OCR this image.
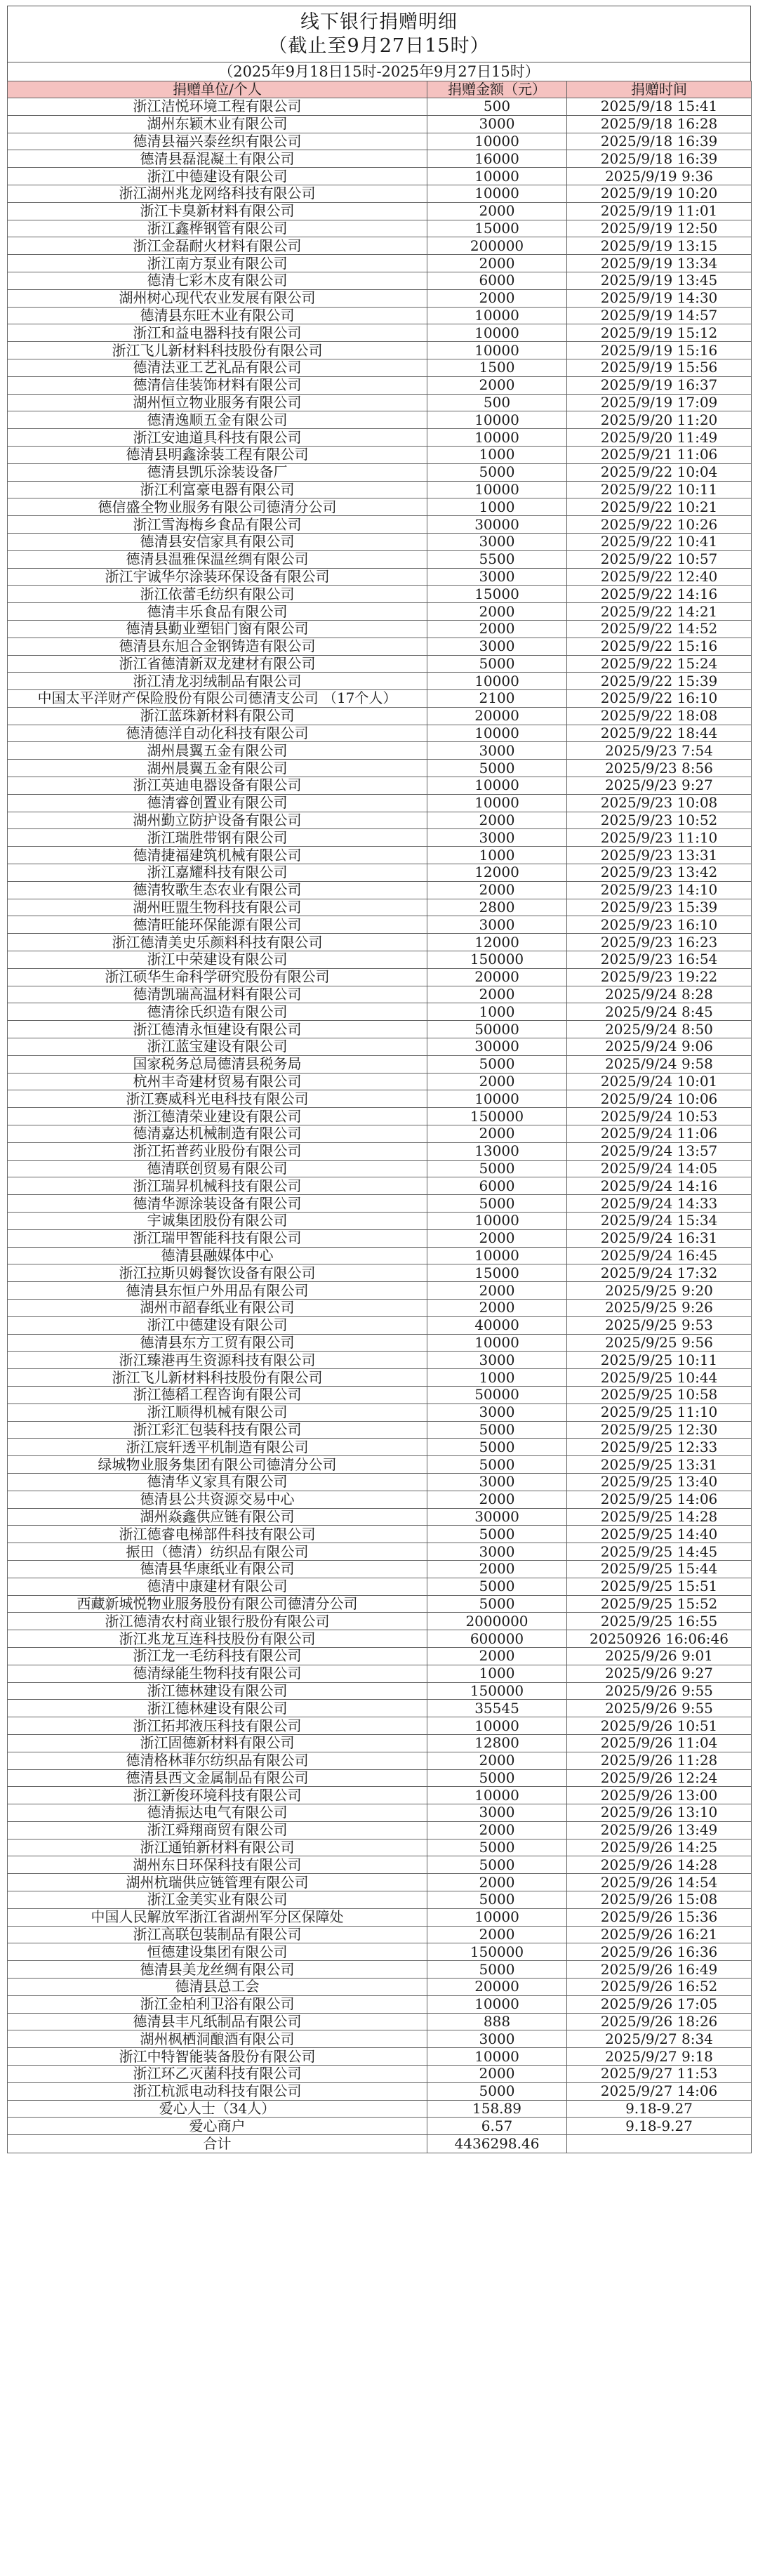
线下银行捐赠明细
（截止至9月27日15时）
（2025年9月18日15时-2025年9月27日15时）
捐赠单位/个人	捐赠金额（元）	捐赠时间
浙江洁悦环境工程有限公司	500	2025/9/18 15:41
湖州东颖木业有限公司	3000	2025/9/18 16:28
德清县福兴泰丝织有限公司	10000	2025/9/18 16:39
德清县磊混凝土有限公司	16000	2025/9/18 16:39
浙江中德建设有限公司	10000	2025/9/19 9:36
浙江湖州兆龙网络科技有限公司	10000	2025/9/19 10:20
浙江卡臭新材料有限公司	2000	2025/9/19 11:01
浙江鑫桦钢管有限公司	15000	2025/9/19 12:50
浙江金磊耐火材料有限公司	200000	2025/9/19 13:15
浙江南方泵业有限公司	2000	2025/9/19 13:34
德清七彩木皮有限公司	6000	2025/9/19 13:45
湖州树心现代农业发展有限公司	2000	2025/9/19 14:30
德清县东旺木业有限公司	10000	2025/9/19 14:57
浙江和益电器科技有限公司	10000	2025/9/19 15:12
浙江飞儿新材料科技股份有限公司	10000	2025/9/19 15:16
德清法亚工艺礼品有限公司	1500	2025/9/19 15:56
德清信佳装饰材料有限公司	2000	2025/9/19 16:37
湖州恒立物业服务有限公司	500	2025/9/19 17:09
德清逸顺五金有限公司	10000	2025/9/20 11:20
浙江安迪道具科技有限公司	10000	2025/9/20 11:49
德清县明鑫涂装工程有限公司	1000	2025/9/21 11:06
德清县凯乐涂装设备厂	5000	2025/9/22 10:04
浙江利富豪电器有限公司	10000	2025/9/22 10:11
德信盛全物业服务有限公司德清分公司	1000	2025/9/22 10:21
浙江雪海梅乡食品有限公司	30000	2025/9/22 10:26
德清县安信家具有限公司	3000	2025/9/22 10:41
德清县温雅保温丝绸有限公司	5500	2025/9/22 10:57
浙江宇诚华尔涂装环保设备有限公司	3000	2025/9/22 12:40
浙江依蕾毛纺织有限公司	15000	2025/9/22 14:16
德清丰乐食品有限公司	2000	2025/9/22 14:21
德清县勤业塑铝门窗有限公司	2000	2025/9/22 14:52
德清县东旭合金钢铸造有限公司	3000	2025/9/22 15:16
浙江省德清新双龙建材有限公司	5000	2025/9/22 15:24
浙江清龙羽绒制品有限公司	10000	2025/9/22 15:39
中国太平洋财产保险股份有限公司德清支公司 （17个人）	2100	2025/9/22 16:10
浙江蓝珠新材料有限公司	20000	2025/9/22 18:08
德清德洋自动化科技有限公司	10000	2025/9/22 18:44
湖州晨翼五金有限公司	3000	2025/9/23 7:54
湖州晨翼五金有限公司	5000	2025/9/23 8:56
浙江英迪电器设备有限公司	10000	2025/9/23 9:27
德清睿创置业有限公司	10000	2025/9/23 10:08
湖州勤立防护设备有限公司	2000	2025/9/23 10:52
浙江瑞胜带钢有限公司	3000	2025/9/23 11:10
德清捷福建筑机械有限公司	1000	2025/9/23 13:31
浙江嘉耀科技有限公司	12000	2025/9/23 13:42
德清牧歌生态农业有限公司	2000	2025/9/23 14:10
湖州旺盟生物科技有限公司	2800	2025/9/23 15:39
德清旺能环保能源有限公司	3000	2025/9/23 16:10
浙江德清美史乐颜料科技有限公司	12000	2025/9/23 16:23
浙江中荣建设有限公司	150000	2025/9/23 16:54
浙江硕华生命科学研究股份有限公司	20000	2025/9/23 19:22
德清凯瑞高温材料有限公司	2000	2025/9/24 8:28
德清徐氏织造有限公司	1000	2025/9/24 8:45
浙江德清永恒建设有限公司	50000	2025/9/24 8:50
浙江蓝宝建设有限公司	30000	2025/9/24 9:06
国家税务总局德清县税务局	5000	2025/9/24 9:58
杭州丰奇建材贸易有限公司	2000	2025/9/24 10:01
浙江赛威科光电科技有限公司	10000	2025/9/24 10:06
浙江德清荣业建设有限公司	150000	2025/9/24 10:53
德清嘉达机械制造有限公司	2000	2025/9/24 11:06
浙江拓普药业股份有限公司	13000	2025/9/24 13:57
德清联创贸易有限公司	5000	2025/9/24 14:05
浙江瑞昇机械科技有限公司	6000	2025/9/24 14:16
德清华源涂装设备有限公司	5000	2025/9/24 14:33
宇诚集团股份有限公司	10000	2025/9/24 15:34
浙江瑞甲智能科技有限公司	2000	2025/9/24 16:31
德清县融媒体中心	10000	2025/9/24 16:45
浙江拉斯贝姆餐饮设备有限公司	15000	2025/9/24 17:32
德清县东恒户外用品有限公司	2000	2025/9/25 9:20
湖州市韶春纸业有限公司	2000	2025/9/25 9:26
浙江中德建设有限公司	40000	2025/9/25 9:53
德清县东方工贸有限公司	10000	2025/9/25 9:56
浙江臻港再生资源科技有限公司	3000	2025/9/25 10:11
浙江飞儿新材料科技股份有限公司	1000	2025/9/25 10:44
浙江德稻工程咨询有限公司	50000	2025/9/25 10:58
浙江顺得机械有限公司	3000	2025/9/25 11:10
浙江彩汇包装科技有限公司	5000	2025/9/25 12:30
浙江宸轩透平机制造有限公司	5000	2025/9/25 12:33
绿城物业服务集团有限公司德清分公司	5000	2025/9/25 13:31
德清华义家具有限公司	3000	2025/9/25 13:40
德清县公共资源交易中心	2000	2025/9/25 14:06
湖州焱鑫供应链有限公司	30000	2025/9/25 14:28
浙江德睿电梯部件科技有限公司	5000	2025/9/25 14:40
振田（德清）纺织品有限公司	3000	2025/9/25 14:45
德清县华康纸业有限公司	2000	2025/9/25 15:44
德清中康建材有限公司	5000	2025/9/25 15:51
西藏新城悦物业服务股份有限公司德清分公司	5000	2025/9/25 15:52
浙江德清农村商业银行股份有限公司	2000000	2025/9/25 16:55
浙江兆龙互连科技股份有限公司	600000	20250926 16:06:46
浙江龙一毛纺科技有限公司	2000	2025/9/26 9:01
德清绿能生物科技有限公司	1000	2025/9/26 9:27
浙江德林建设有限公司	150000	2025/9/26 9:55
浙江德林建设有限公司	35545	2025/9/26 9:55
浙江拓邦液压科技有限公司	10000	2025/9/26 10:51
浙江固德新材料有限公司	12800	2025/9/26 11:04
德清格林菲尔纺织品有限公司	2000	2025/9/26 11:28
德清县西文金属制品有限公司	5000	2025/9/26 12:24
浙江新俊环境科技有限公司	10000	2025/9/26 13:00
德清振达电气有限公司	3000	2025/9/26 13:10
浙江舜翔商贸有限公司	2000	2025/9/26 13:49
浙江通铂新材料有限公司	5000	2025/9/26 14:25
湖州东日环保科技有限公司	5000	2025/9/26 14:28
湖州杭瑞供应链管理有限公司	2000	2025/9/26 14:54
浙江金美实业有限公司	5000	2025/9/26 15:08
中国人民解放军浙江省湖州军分区保障处	10000	2025/9/26 15:36
浙江高联包装制品有限公司	2000	2025/9/26 16:21
恒德建设集团有限公司	150000	2025/9/26 16:36
德清县美龙丝绸有限公司	5000	2025/9/26 16:49
德清县总工会	20000	2025/9/26 16:52
浙江金柏利卫浴有限公司	10000	2025/9/26 17:05
德清县丰凡纸制品有限公司	888	2025/9/26 18:26
湖州枫栖洞酿酒有限公司	3000	2025/9/27 8:34
浙江中特智能装备股份有限公司	10000	2025/9/27 9:18
浙江环乙灭菌科技有限公司	2000	2025/9/27 11:53
浙江杭派电动科技有限公司	5000	2025/9/27 14:06
爱心人士（34人）	158.89	9.18-9.27
爱心商户	6.57	9.18-9.27
合计	4436298.46	
